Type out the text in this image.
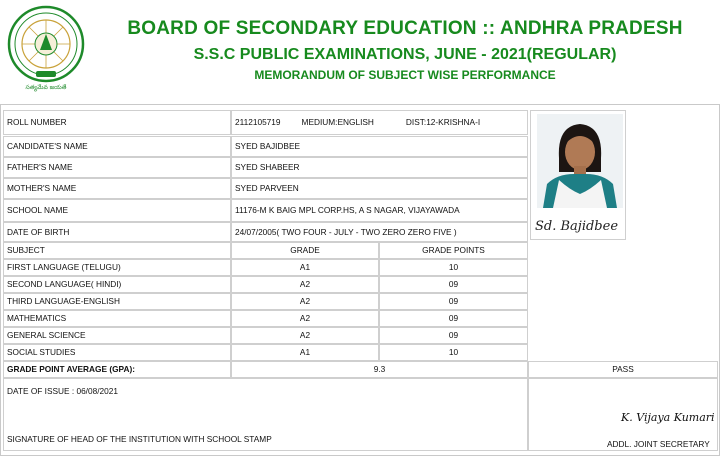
సత్యమేవ జయతే
BOARD OF SECONDARY EDUCATION :: ANDHRA PRADESH
S.S.C PUBLIC EXAMINATIONS, JUNE - 2021(REGULAR)
MEMORANDUM OF SUBJECT WISE PERFORMANCE
ROLL NUMBER	2112105719	MEDIUM:ENGLISH	DIST:12-KRISHNA-I
CANDIDATE'S NAME	SYED BAJIDBEE
FATHER'S NAME	SYED SHABEER
MOTHER'S NAME	SYED PARVEEN
SCHOOL NAME	11176-M K BAIG MPL CORP.HS, A S NAGAR, VIJAYAWADA
DATE OF BIRTH	24/07/2005( TWO FOUR - JULY - TWO ZERO ZERO FIVE )	Sd. Bajidbee
SUBJECT	GRADE	GRADE POINTS
FIRST LANGUAGE (TELUGU)	A1	10
SECOND LANGUAGE( HINDI)	A2	09
THIRD LANGUAGE-ENGLISH	A2	09
MATHEMATICS	A2	09
GENERAL SCIENCE	A2	09
SOCIAL STUDIES	A1	10
GRADE POINT AVERAGE (GPA):	9.3	PASS
DATE OF ISSUE : 06/08/2021
SIGNATURE OF HEAD OF THE INSTITUTION WITH SCHOOL STAMP
K. Vijaya Kumari
ADDL. JOINT SECRETARY
